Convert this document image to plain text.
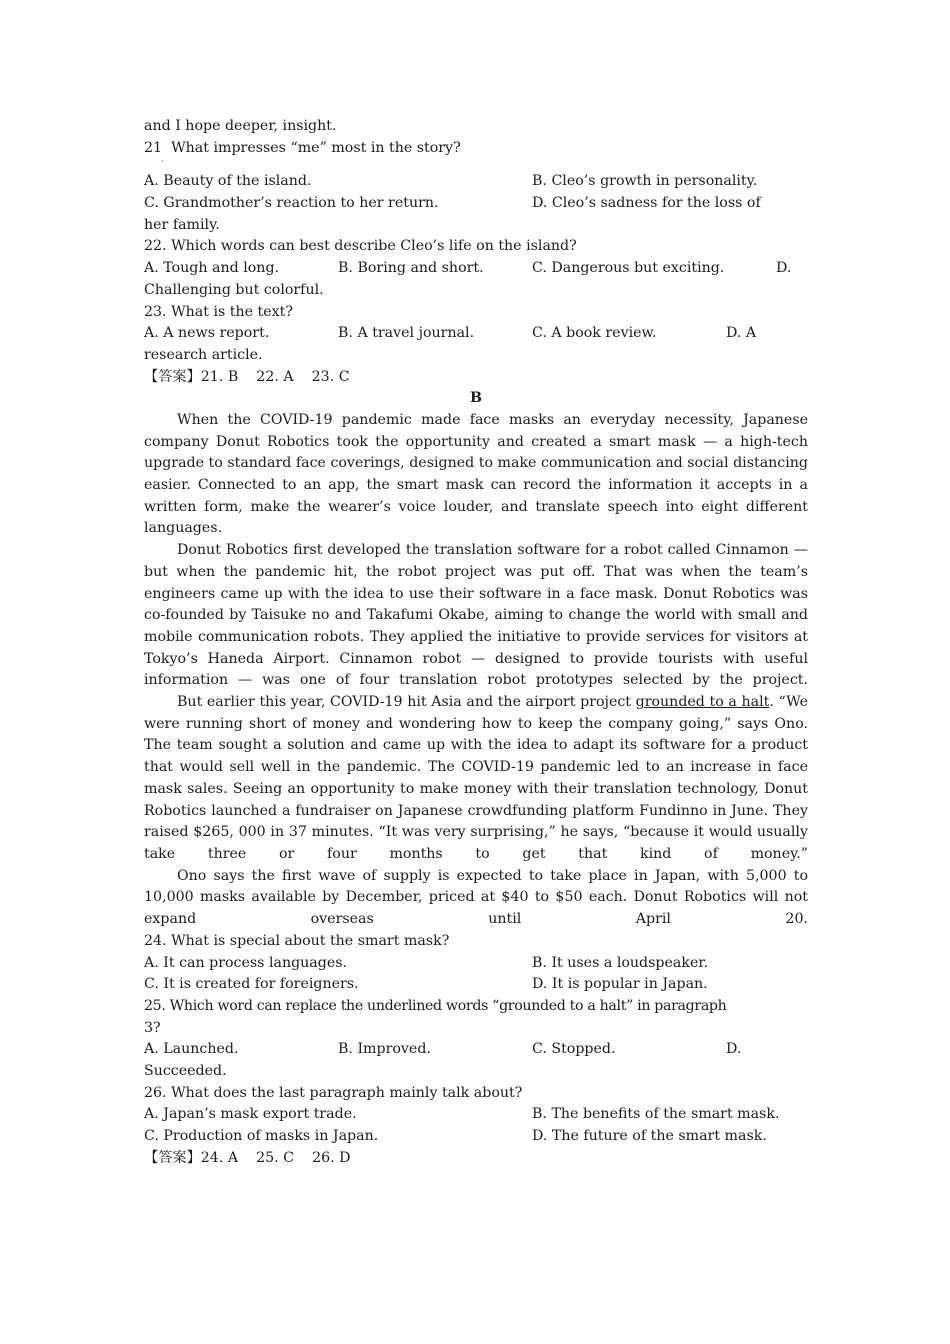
and I hope deeper, insight.
21  What impresses “me” most in the story?
'
A. Beauty of the island.	B. Cleo’s growth in personality.
C. Grandmother’s reaction to her return.	D. Cleo’s sadness for the loss of
her family.
22. Which words can best describe Cleo’s life on the island?
A. Tough and long.	B. Boring and short.	C. Dangerous but exciting.	D.
Challenging but colorful.
23. What is the text?
A. A news report.	B. A travel journal.	C. A book review.	D. A
research article.
【答案】21. B    22. A    23. C
B
When the COVID-19 pandemic made face masks an everyday necessity, Japanese company Donut Robotics took the opportunity and created a smart mask — a high-tech upgrade to standard face coverings, designed to make communication and social distancing easier. Connected to an app, the smart mask can record the information it accepts in a written form, make the wearer’s voice louder, and translate speech into eight different languages.
Donut Robotics first developed the translation software for a robot called Cinnamon — but when the pandemic hit, the robot project was put off. That was when the team’s engineers came up with the idea to use their software in a face mask. Donut Robotics was co-founded by Taisuke no and Takafumi Okabe, aiming to change the world with small and mobile communication robots. They applied the initiative to provide services for visitors at Tokyo’s Haneda Airport. Cinnamon robot — designed to provide tourists with useful information — was one of four translation robot prototypes selected by the project.
But earlier this year, COVID-19 hit Asia and the airport project grounded to a halt. “We were running short of money and wondering how to keep the company going,” says Ono. The team sought a solution and came up with the idea to adapt its software for a product that would sell well in the pandemic. The COVID-19 pandemic led to an increase in face mask sales. Seeing an opportunity to make money with their translation technology, Donut Robotics launched a fundraiser on Japanese crowdfunding platform Fundinno in June. They raised $265, 000 in 37 minutes. “It was very surprising,” he says, “because it would usually take three or four months to get that kind of money.”
Ono says the first wave of supply is expected to take place in Japan, with 5,000 to 10,000 masks available by December, priced at $40 to $50 each. Donut Robotics will not expand overseas until April 20.
24. What is special about the smart mask?
A. It can process languages.	B. It uses a loudspeaker.
C. It is created for foreigners.	D. It is popular in Japan.
25. Which word can replace the underlined words “grounded to a halt” in paragraph
3?
A. Launched.	B. Improved.	C. Stopped.	D.
Succeeded.
26. What does the last paragraph mainly talk about?
A. Japan’s mask export trade.	B. The benefits of the smart mask.
C. Production of masks in Japan.	D. The future of the smart mask.
【答案】24. A    25. C    26. D
